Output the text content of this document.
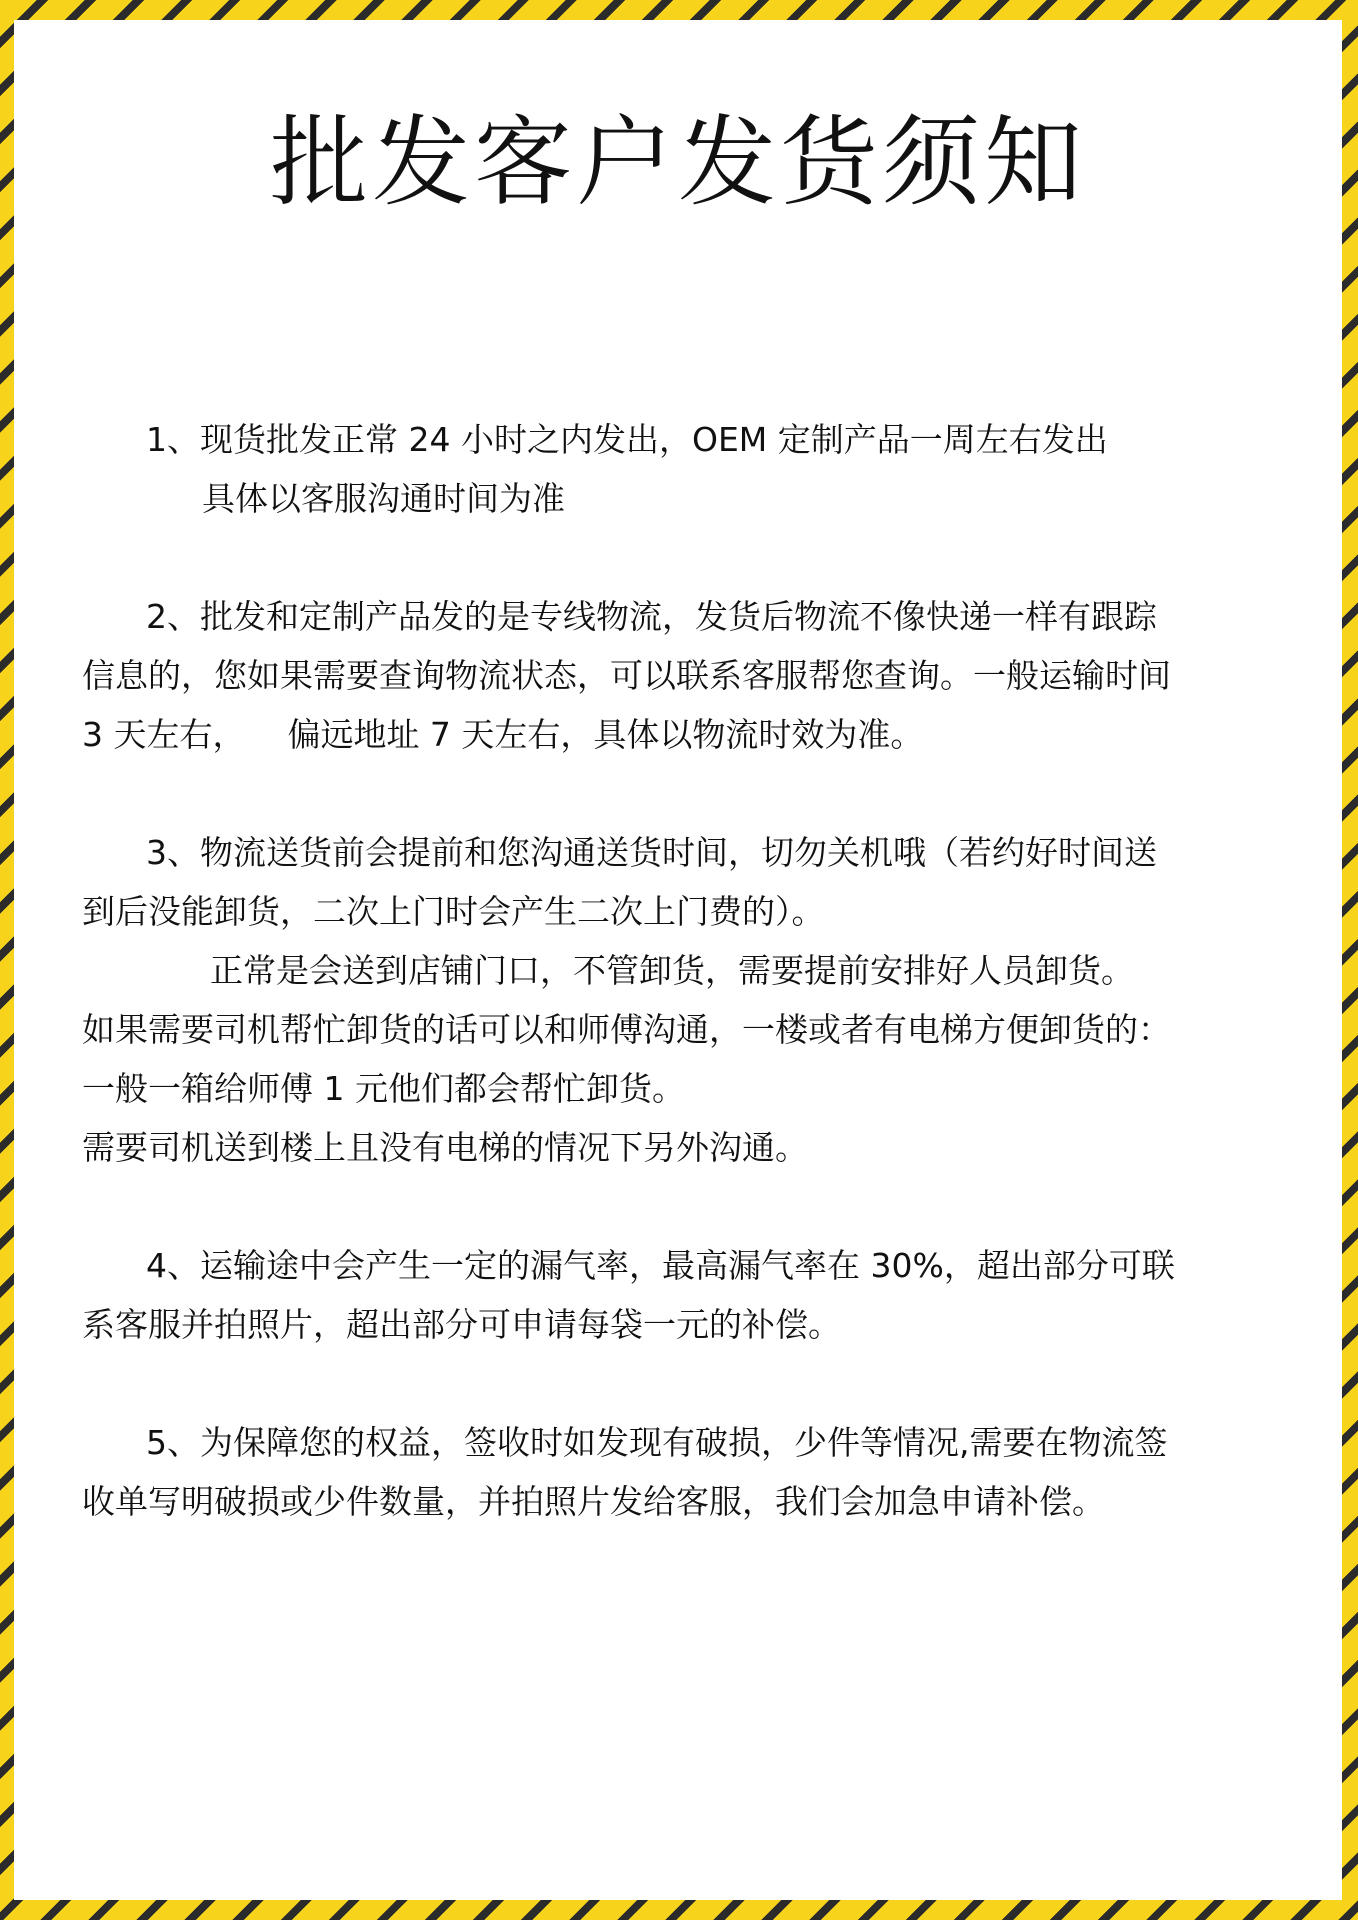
批发客户发货须知
1、现货批发正常 24 小时之内发出，OEM 定制产品一周左右发出
具体以客服沟通时间为准
2、批发和定制产品发的是专线物流，发货后物流不像快递一样有跟踪
信息的，您如果需要查询物流状态，可以联系客服帮您查询。一般运输时间
3 天左右，    偏远地址 7 天左右，具体以物流时效为准。
3、物流送货前会提前和您沟通送货时间，切勿关机哦（若约好时间送
到后没能卸货，二次上门时会产生二次上门费的）。
正常是会送到店铺门口，不管卸货，需要提前安排好人员卸货。
如果需要司机帮忙卸货的话可以和师傅沟通，一楼或者有电梯方便卸货的：
一般一箱给师傅 1 元他们都会帮忙卸货。
需要司机送到楼上且没有电梯的情况下另外沟通。
4、运输途中会产生一定的漏气率，最高漏气率在 30%，超出部分可联
系客服并拍照片，超出部分可申请每袋一元的补偿。
5、为保障您的权益，签收时如发现有破损，少件等情况,需要在物流签
收单写明破损或少件数量，并拍照片发给客服，我们会加急申请补偿。
